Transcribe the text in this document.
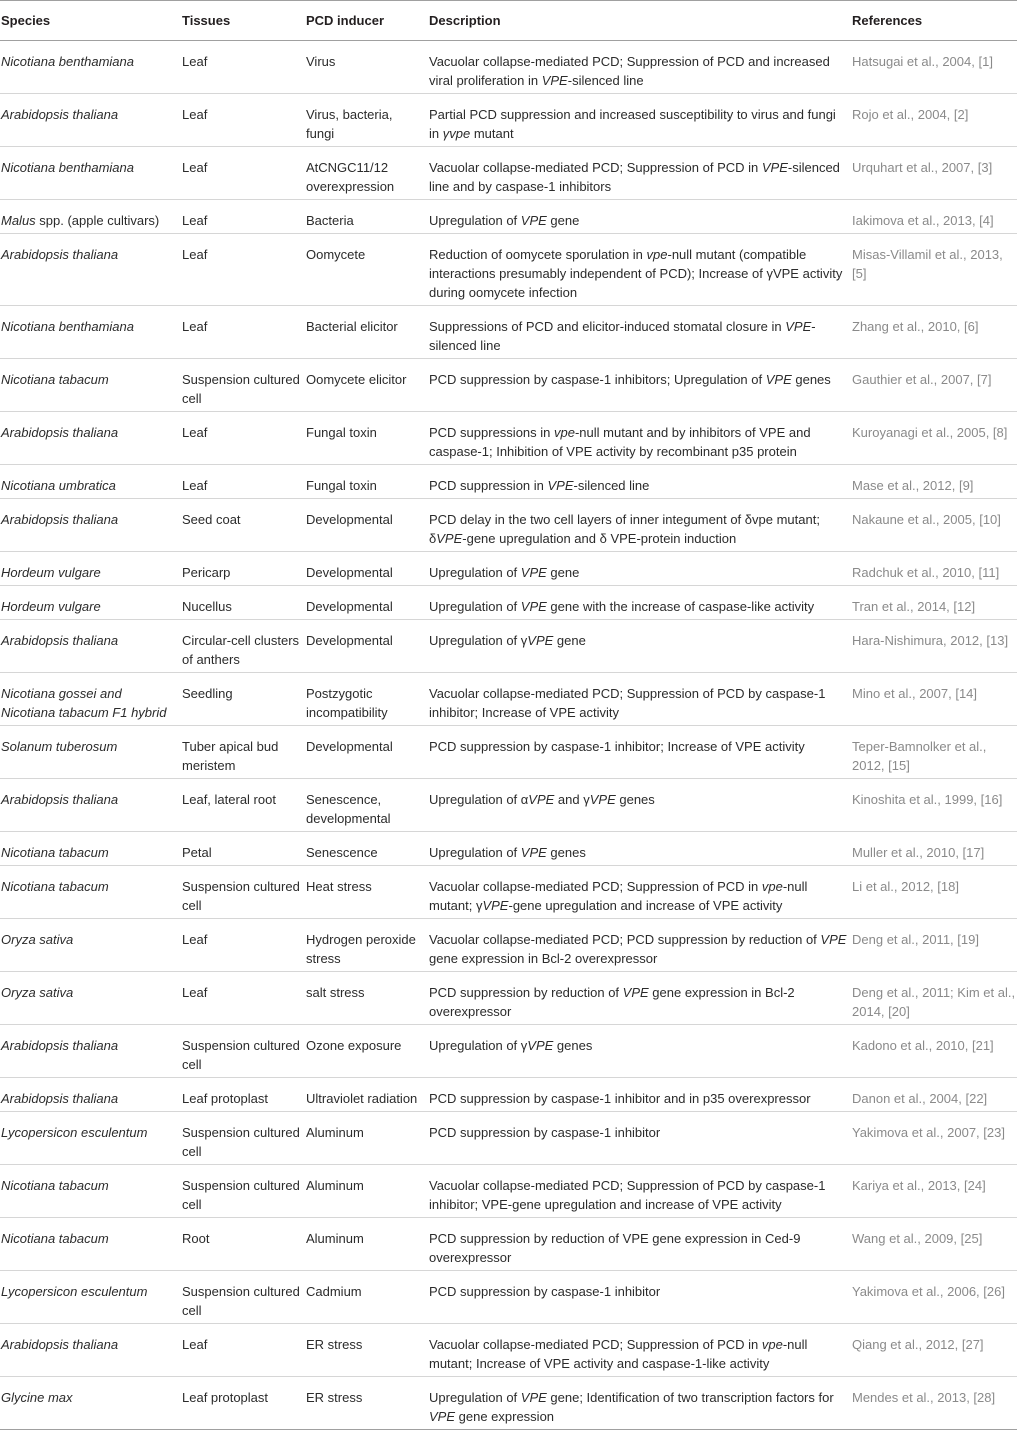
Species	Tissues	PCD inducer	Description	References
Nicotiana benthamiana	Leaf	Virus	Vacuolar collapse-mediated PCD; Suppression of PCD and increased viral proliferation in VPE-silenced line	Hatsugai et al., 2004, [1]
Arabidopsis thaliana	Leaf	Virus, bacteria, fungi	Partial PCD suppression and increased susceptibility to virus and fungi in γvpe mutant	Rojo et al., 2004, [2]
Nicotiana benthamiana	Leaf	AtCNGC11/12 overexpression	Vacuolar collapse-mediated PCD; Suppression of PCD in VPE-silenced line and by caspase-1 inhibitors	Urquhart et al., 2007, [3]
Malus spp. (apple cultivars)	Leaf	Bacteria	Upregulation of VPE gene	Iakimova et al., 2013, [4]
Arabidopsis thaliana	Leaf	Oomycete	Reduction of oomycete sporulation in vpe-null mutant (compatible interactions presumably independent of PCD); Increase of γVPE activity during oomycete infection	Misas-Villamil et al., 2013, [5]
Nicotiana benthamiana	Leaf	Bacterial elicitor	Suppressions of PCD and elicitor-induced stomatal closure in VPE-silenced line	Zhang et al., 2010, [6]
Nicotiana tabacum	Suspension cultured cell	Oomycete elicitor	PCD suppression by caspase-1 inhibitors; Upregulation of VPE genes	Gauthier et al., 2007, [7]
Arabidopsis thaliana	Leaf	Fungal toxin	PCD suppressions in vpe-null mutant and by inhibitors of VPE and caspase-1; Inhibition of VPE activity by recombinant p35 protein	Kuroyanagi et al., 2005, [8]
Nicotiana umbratica	Leaf	Fungal toxin	PCD suppression in VPE-silenced line	Mase et al., 2012, [9]
Arabidopsis thaliana	Seed coat	Developmental	PCD delay in the two cell layers of inner integument of δvpe mutant; δVPE-gene upregulation and δ VPE-protein induction	Nakaune et al., 2005, [10]
Hordeum vulgare	Pericarp	Developmental	Upregulation of VPE gene	Radchuk et al., 2010, [11]
Hordeum vulgare	Nucellus	Developmental	Upregulation of VPE gene with the increase of caspase-like activity	Tran et al., 2014, [12]
Arabidopsis thaliana	Circular-cell clusters of anthers	Developmental	Upregulation of γVPE gene	Hara-Nishimura, 2012, [13]
Nicotiana gossei and Nicotiana tabacum F1 hybrid	Seedling	Postzygotic incompatibility	Vacuolar collapse-mediated PCD; Suppression of PCD by caspase-1 inhibitor; Increase of VPE activity	Mino et al., 2007, [14]
Solanum tuberosum	Tuber apical bud meristem	Developmental	PCD suppression by caspase-1 inhibitor; Increase of VPE activity	Teper-Bamnolker et al., 2012, [15]
Arabidopsis thaliana	Leaf, lateral root	Senescence, developmental	Upregulation of αVPE and γVPE genes	Kinoshita et al., 1999, [16]
Nicotiana tabacum	Petal	Senescence	Upregulation of VPE genes	Muller et al., 2010, [17]
Nicotiana tabacum	Suspension cultured cell	Heat stress	Vacuolar collapse-mediated PCD; Suppression of PCD in vpe-null mutant; γVPE-gene upregulation and increase of VPE activity	Li et al., 2012, [18]
Oryza sativa	Leaf	Hydrogen peroxide stress	Vacuolar collapse-mediated PCD; PCD suppression by reduction of VPE gene expression in Bcl-2 overexpressor	Deng et al., 2011, [19]
Oryza sativa	Leaf	salt stress	PCD suppression by reduction of VPE gene expression in Bcl-2 overexpressor	Deng et al., 2011; Kim et al., 2014, [20]
Arabidopsis thaliana	Suspension cultured cell	Ozone exposure	Upregulation of γVPE genes	Kadono et al., 2010, [21]
Arabidopsis thaliana	Leaf protoplast	Ultraviolet radiation	PCD suppression by caspase-1 inhibitor and in p35 overexpressor	Danon et al., 2004, [22]
Lycopersicon esculentum	Suspension cultured cell	Aluminum	PCD suppression by caspase-1 inhibitor	Yakimova et al., 2007, [23]
Nicotiana tabacum	Suspension cultured cell	Aluminum	Vacuolar collapse-mediated PCD; Suppression of PCD by caspase-1 inhibitor; VPE-gene upregulation and increase of VPE activity	Kariya et al., 2013, [24]
Nicotiana tabacum	Root	Aluminum	PCD suppression by reduction of VPE gene expression in Ced-9 overexpressor	Wang et al., 2009, [25]
Lycopersicon esculentum	Suspension cultured cell	Cadmium	PCD suppression by caspase-1 inhibitor	Yakimova et al., 2006, [26]
Arabidopsis thaliana	Leaf	ER stress	Vacuolar collapse-mediated PCD; Suppression of PCD in vpe-null mutant; Increase of VPE activity and caspase-1-like activity	Qiang et al., 2012, [27]
Glycine max	Leaf protoplast	ER stress	Upregulation of VPE gene; Identification of two transcription factors for VPE gene expression	Mendes et al., 2013, [28]
